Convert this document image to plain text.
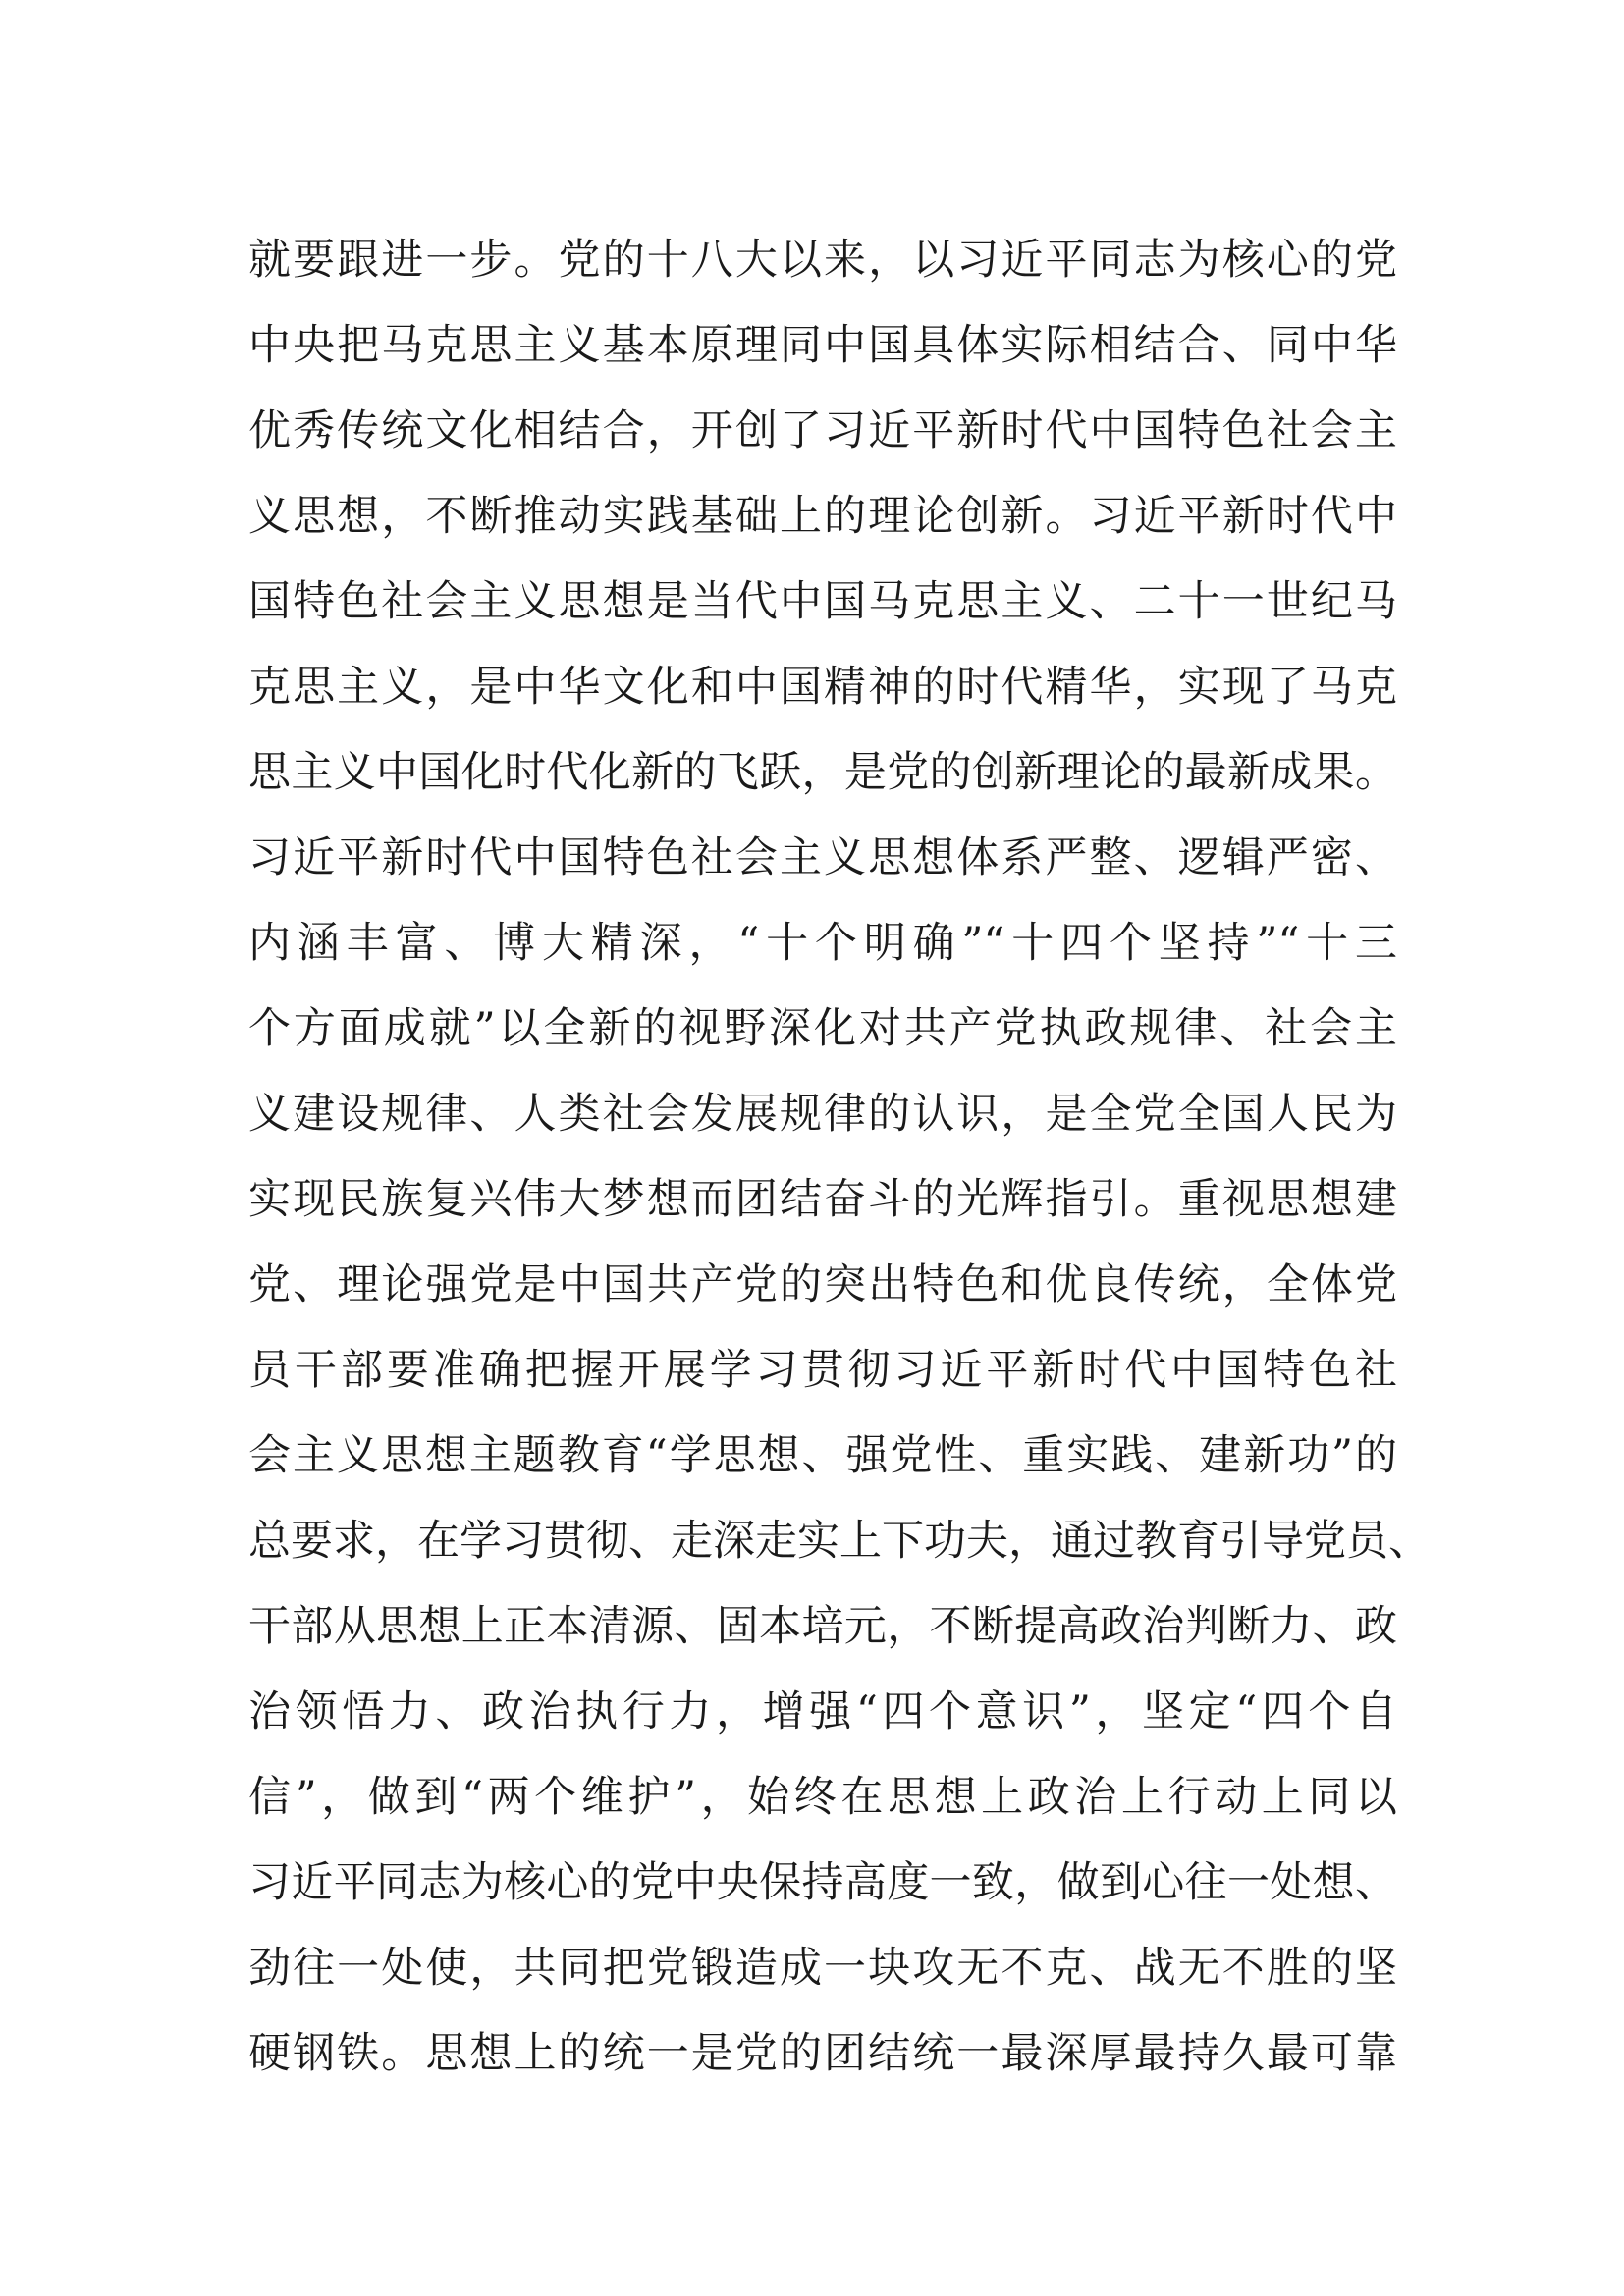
就要跟进一步。党的十八大以来，以习近平同志为核心的党
中央把马克思主义基本原理同中国具体实际相结合、同中华
优秀传统文化相结合，开创了习近平新时代中国特色社会主
义思想，不断推动实践基础上的理论创新。习近平新时代中
国特色社会主义思想是当代中国马克思主义、二十一世纪马
克思主义，是中华文化和中国精神的时代精华，实现了马克
思主义中国化时代化新的飞跃，是党的创新理论的最新成果。
习近平新时代中国特色社会主义思想体系严整、逻辑严密、
内涵丰富、博大精深，“十个明确”“十四个坚持”“十三
个方面成就”以全新的视野深化对共产党执政规律、社会主
义建设规律、人类社会发展规律的认识，是全党全国人民为
实现民族复兴伟大梦想而团结奋斗的光辉指引。重视思想建
党、理论强党是中国共产党的突出特色和优良传统，全体党
员干部要准确把握开展学习贯彻习近平新时代中国特色社
会主义思想主题教育“学思想、强党性、重实践、建新功”的
总要求，在学习贯彻、走深走实上下功夫，通过教育引导党员、
干部从思想上正本清源、固本培元，不断提高政治判断力、政
治领悟力、政治执行力，增强“四个意识”，坚定“四个自
信”，做到“两个维护”，始终在思想上政治上行动上同以
习近平同志为核心的党中央保持高度一致，做到心往一处想、
劲往一处使，共同把党锻造成一块攻无不克、战无不胜的坚
硬钢铁。思想上的统一是党的团结统一最深厚最持久最可靠
